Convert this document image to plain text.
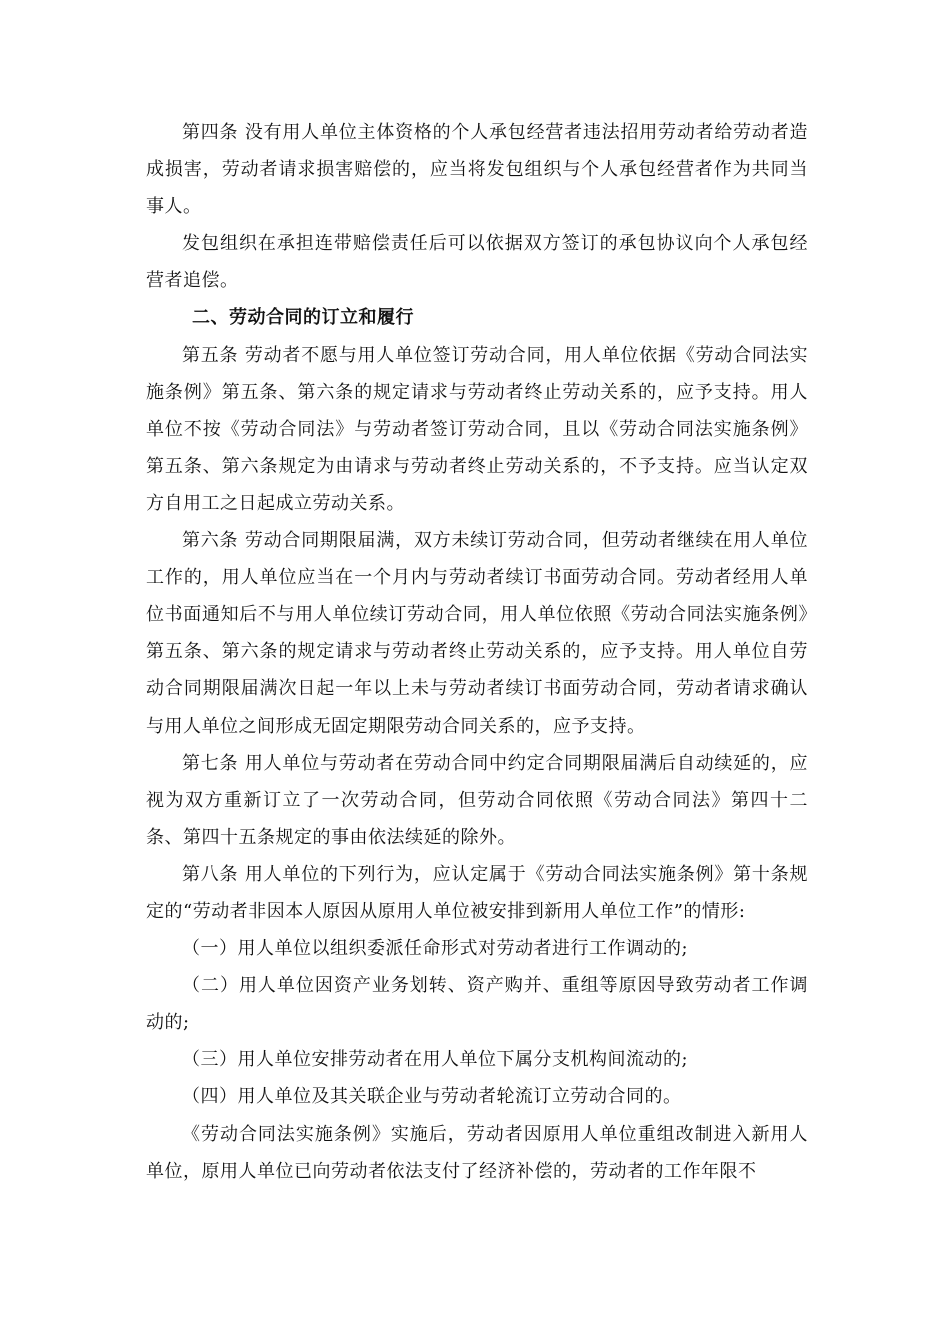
第四条 没有用人单位主体资格的个人承包经营者违法招用劳动者给劳动者造成损害，劳动者请求损害赔偿的，应当将发包组织与个人承包经营者作为共同当事人。

发包组织在承担连带赔偿责任后可以依据双方签订的承包协议向个人承包经营者追偿。

二、劳动合同的订立和履行

第五条 劳动者不愿与用人单位签订劳动合同，用人单位依据《劳动合同法实施条例》第五条、第六条的规定请求与劳动者终止劳动关系的，应予支持。用人单位不按《劳动合同法》与劳动者签订劳动合同，且以《劳动合同法实施条例》第五条、第六条规定为由请求与劳动者终止劳动关系的，不予支持。应当认定双方自用工之日起成立劳动关系。

第六条 劳动合同期限届满，双方未续订劳动合同，但劳动者继续在用人单位工作的，用人单位应当在一个月内与劳动者续订书面劳动合同。劳动者经用人单位书面通知后不与用人单位续订劳动合同，用人单位依照《劳动合同法实施条例》第五条、第六条的规定请求与劳动者终止劳动关系的，应予支持。用人单位自劳动合同期限届满次日起一年以上未与劳动者续订书面劳动合同，劳动者请求确认与用人单位之间形成无固定期限劳动合同关系的，应予支持。

第七条 用人单位与劳动者在劳动合同中约定合同期限届满后自动续延的，应视为双方重新订立了一次劳动合同，但劳动合同依照《劳动合同法》第四十二条、第四十五条规定的事由依法续延的除外。

第八条 用人单位的下列行为，应认定属于《劳动合同法实施条例》第十条规定的“劳动者非因本人原因从原用人单位被安排到新用人单位工作”的情形:

（一）用人单位以组织委派任命形式对劳动者进行工作调动的;

（二）用人单位因资产业务划转、资产购并、重组等原因导致劳动者工作调动的;

（三）用人单位安排劳动者在用人单位下属分支机构间流动的;

（四）用人单位及其关联企业与劳动者轮流订立劳动合同的。

《劳动合同法实施条例》实施后，劳动者因原用人单位重组改制进入新用人单位，原用人单位已向劳动者依法支付了经济补偿的，劳动者的工作年限不
